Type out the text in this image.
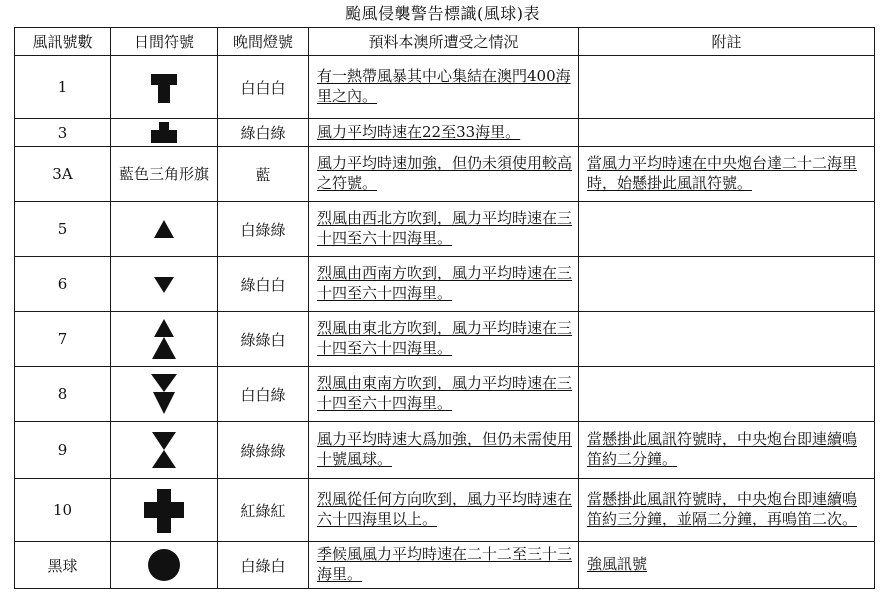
颱風侵襲警告標識(風球)表
風訊號數	日間符號	晚間燈號	預料本澳所遭受之情況	附註
1		白白白	有一熱帶風暴其中心集結在澳門400海里之內。	
3		綠白綠	風力平均時速在22至33海里。	
3A	藍色三角形旗	藍	風力平均時速加強，但仍未須使用較高之符號。	當風力平均時速在中央炮台達二十二海里時，始懸掛此風訊符號。
5		白綠綠	烈風由西北方吹到，風力平均時速在三十四至六十四海里。	
6		綠白白	烈風由西南方吹到，風力平均時速在三十四至六十四海里。	
7		綠綠白	烈風由東北方吹到，風力平均時速在三十四至六十四海里。	
8		白白綠	烈風由東南方吹到，風力平均時速在三十四至六十四海里。	
9		綠綠綠	風力平均時速大爲加強，但仍未需使用十號風球。	當懸掛此風訊符號時，中央炮台即連續鳴笛約二分鐘。
10		紅綠紅	烈風從任何方向吹到，風力平均時速在六十四海里以上。	當懸掛此風訊符號時，中央炮台即連續鳴笛約三分鐘，並隔二分鐘，再鳴笛二次。
黑球		白綠白	季候風風力平均時速在二十二至三十三海里。	強風訊號
